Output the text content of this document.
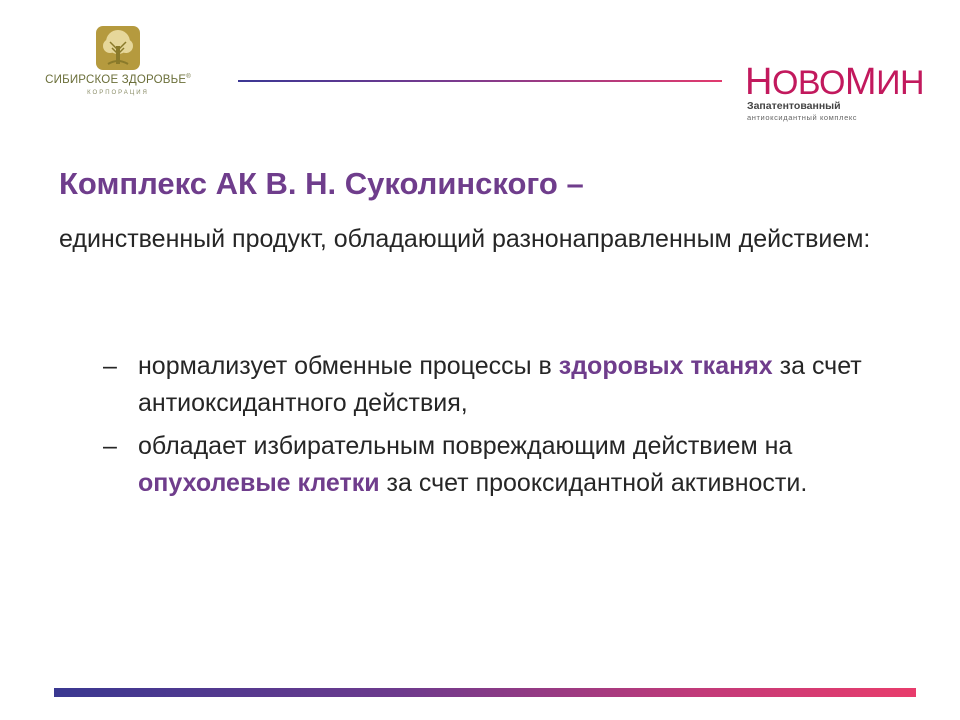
СИБИРСКОЕ ЗДОРОВЬЕ®
КОРПОРАЦИЯ	НОВОМИН
Запатентованный
антиоксидантный комплекс
Комплекс АК В. Н. Суколинского –
единственный продукт, обладающий разнонаправленным действием:
– нормализует обменные процессы в здоровых тканях за счет антиоксидантного действия,
– обладает избирательным повреждающим действием на опухолевые клетки за счет прооксидантной активности.
